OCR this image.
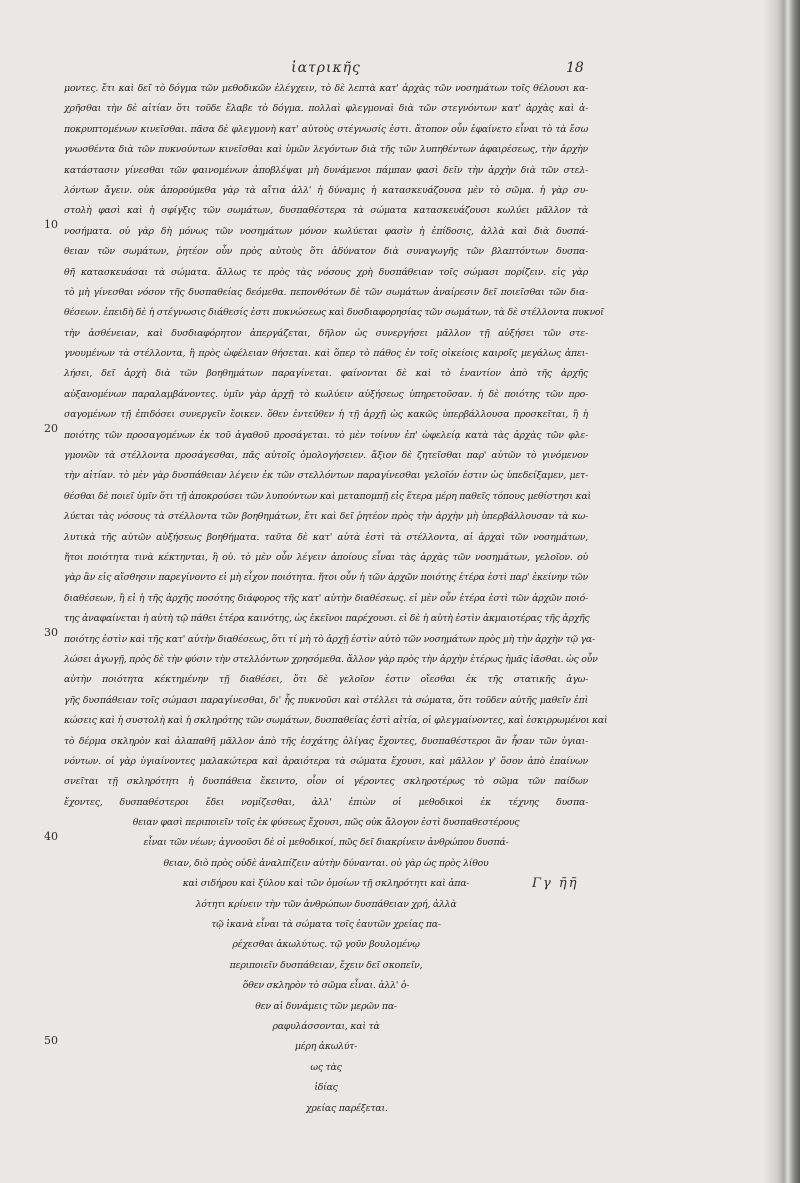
ἰατρικῆς	18
10
20
30
40
50
μοντες. ἔτι καὶ δεῖ τὸ δόγμα τῶν μεθοδικῶν ἐλέγχειν, τὸ δὲ λεπτὰ κατ' ἀρχὰς τῶν νοσημάτων τοῖς θέλουσι κα-
χρῆσθαι τὴν δὲ αἰτίαν ὅτι τοῦδε ἔλαβε τὸ δόγμα. πολλαὶ φλεγμοναὶ διὰ τῶν στεγνόντων κατ' ἀρχὰς καὶ ἀ-
ποκρυπτομένων κινεῖσθαι. πᾶσα δὲ φλεγμονὴ κατ' αὐτοὺς στέγνωσίς ἐστι. ἄτοπον οὖν ἐφαίνετο εἶναι τὸ τὰ ἔσω
γνωσθέντα διὰ τῶν πυκνούντων κινεῖσθαι καὶ ὑμῶν λεγόντων διὰ τῆς τῶν λυπηθέντων ἀφαιρέσεως, τὴν ἀρχὴν
κατάστασιν γίνεσθαι τῶν φαινομένων ἀποβλέψαι μὴ δυνάμενοι πάμπαν φασὶ δεῖν τὴν ἀρχὴν διὰ τῶν στελ-
λόντων ἄγειν. οὐκ ἀπορούμεθα γὰρ τὰ αἴτια ἀλλ' ἡ δύναμις ἡ κατασκευάζουσα μὲν τὸ σῶμα. ἡ γὰρ συ-
στολὴ φασὶ καὶ ἡ σφίγξις τῶν σωμάτων, δυσπαθέστερα τὰ σώματα κατασκευάζουσι κωλύει μᾶλλον τὰ
νοσήματα. οὐ γὰρ δὴ μόνως τῶν νοσημάτων μόνον κωλύεται φασὶν ἡ ἐπίδοσις, ἀλλὰ καὶ διὰ δυσπά-
θειαν τῶν σωμάτων, ῥητέον οὖν πρὸς αὐτοὺς ὅτι ἀδύνατον διὰ συναγωγῆς τῶν βλαπτόντων δυσπα-
θῆ κατασκευάσαι τὰ σώματα. ἄλλως τε πρὸς τὰς νόσους χρὴ δυσπάθειαν τοῖς σώμασι πορίζειν. εἰς γὰρ
τὸ μὴ γίνεσθαι νόσον τῆς δυσπαθείας δεόμεθα. πεπονθότων δὲ τῶν σωμάτων ἀναίρεσιν δεῖ ποιεῖσθαι τῶν δια-
θέσεων. ἐπειδὴ δὲ ἡ στέγνωσις διάθεσίς ἐστι πυκνώσεως καὶ δυσδιαφορησίας τῶν σωμάτων, τὰ δὲ στέλλοντα πυκνοῖ
τὴν ἀσθένειαν, καὶ δυσδιαφόρητον ἀπεργάζεται, δῆλον ὡς συνεργήσει μᾶλλον τῇ αὐξήσει τῶν στε-
γνουμένων τὰ στέλλοντα, ἢ πρὸς ὠφέλειαν θήσεται. καὶ ὅπερ τὸ πάθος ἐν τοῖς οἰκείοις καιροῖς μεγάλως ἀπει-
λήσει, δεῖ ἀρχὴ διὰ τῶν βοηθημάτων παραγίνεται. φαίνονται δὲ καὶ τὸ ἐναντίον ἀπὸ τῆς ἀρχῆς
αὐξανομένων παραλαμβάνοντες. ὑμῖν γὰρ ἀρχῇ τὸ κωλύειν αὐξήσεως ὑπηρετοῦσαν. ἡ δὲ ποιότης τῶν προ-
σαγομένων τῇ ἐπιδόσει συνεργεῖν ἔοικεν. ὅθεν ἐντεῦθεν ἡ τῇ ἀρχῇ ὡς κακῶς ὑπερβάλλουσα προσκεῖται, ἢ ἡ
ποιότης τῶν προσαγομένων ἐκ τοῦ ἀγαθοῦ προσάγεται. τὸ μὲν τοίνυν ἐπ' ὠφελείᾳ κατὰ τὰς ἀρχὰς τῶν φλε-
γμονῶν τὰ στέλλοντα προσάγεσθαι, πᾶς αὐτοῖς ὁμολογήσειεν. ἄξιον δὲ ζητεῖσθαι παρ' αὐτῶν τὸ γινόμενον
τὴν αἰτίαν. τὸ μὲν γὰρ δυσπάθειαν λέγειν ἐκ τῶν στελλόντων παραγίνεσθαι γελοῖόν ἐστιν ὡς ὑπεδείξαμεν, μετ-
θέσθαι δὲ ποιεῖ ὑμῖν ὅτι τῇ ἀποκρούσει τῶν λυπούντων καὶ μεταπομπῇ εἰς ἕτερα μέρη παθεῖς τόπους μεθίστησι καὶ
λύεται τὰς νόσους τὰ στέλλοντα τῶν βοηθημάτων, ἔτι καὶ δεῖ ῥητέον πρὸς τὴν ἀρχὴν μὴ ὑπερβάλλουσαν τὰ κω-
λυτικὰ τῆς αὐτῶν αὐξήσεως βοηθήματα. ταῦτα δὲ κατ' αὐτὰ ἐστὶ τὰ στέλλοντα, αἱ ἀρχαὶ τῶν νοσημάτων,
ἤτοι ποιότητα τινὰ κέκτηνται, ἢ οὐ. τὸ μὲν οὖν λέγειν ἀποίους εἶναι τὰς ἀρχὰς τῶν νοσημάτων, γελοῖον. οὐ
γὰρ ἂν εἰς αἴσθησιν παρεγίνοντο εἰ μὴ εἶχον ποιότητα. ἤτοι οὖν ἡ τῶν ἀρχῶν ποιότης ἑτέρα ἐστὶ παρ' ἐκείνην τῶν
διαθέσεων, ἢ εἰ ἡ τῆς ἀρχῆς ποσότης διάφορος τῆς κατ' αὐτὴν διαθέσεως. εἰ μὲν οὖν ἑτέρα ἐστὶ τῶν ἀρχῶν ποιό-
της ἀναφαίνεται ἡ αὐτὴ τῷ πάθει ἑτέρα καινότης, ὡς ἐκεῖνοι παρέχουσι. εἰ δὲ ἡ αὐτὴ ἐστὶν ἀκμαιοτέρας τῆς ἀρχῆς
ποιότης ἐστὶν καὶ τῆς κατ' αὐτὴν διαθέσεως, ὅτι τί μὴ τὸ ἀρχῇ ἐστὶν αὐτὸ τῶν νοσημάτων πρὸς μὴ τὴν ἀρχὴν τῷ γα-
λώσει ἀγωγῇ, πρὸς δὲ τὴν φύσιν τὴν στελλόντων χρησόμεθα. ἄλλον γὰρ πρὸς τὴν ἀρχὴν ἑτέρως ἡμᾶς ἰᾶσθαι. ὡς οὖν
αὐτὴν ποιότητα κέκτημένην τῇ διαθέσει, ὅτι δὲ γελοῖον ἐστιν οἴεσθαι ἐκ τῆς στατικῆς ἀγω-
γῆς δυσπάθειαν τοῖς σώμασι παραγίνεσθαι, δι' ἧς πυκνοῦσι καὶ στέλλει τὰ σώματα, ὅτι τοῦδεν αὐτῆς μαθεῖν ἐπὶ
κώσεις καὶ ἡ συστολὴ καὶ ἡ σκληρότης τῶν σωμάτων, δυσπαθείας ἐστὶ αἰτία, οἱ φλεγμαίνοντες, καὶ ἐσκιρρωμένοι καὶ
τὸ δέρμα σκληρὸν καὶ ἀλαπαθῆ μᾶλλον ἀπὸ τῆς ἐσχάτης ὀλίγας ἔχοντες, δυσπαθέστεροι ἂν ἦσαν τῶν ὑγιαι-
νόντων. οἱ γὰρ ὑγιαίνοντες μαλακώτερα καὶ ἀραιότερα τὰ σώματα ἔχουσι, καὶ μᾶλλον γ' ὅσον ἀπὸ ἐπαίνων
σνεῖται τῇ σκληρότητι ἡ δυσπάθεια ἔκειντο, οἷον οἱ γέροντες σκληροτέρως τὸ σῶμα τῶν παίδων
ἔχοντες, δυσπαθέστεροι ἔδει νομίζεσθαι, ἀλλ' ἐπιὼν οἱ μεθοδικοὶ ἐκ τέχνης δυσπα-
θειαν φασὶ περιποιεῖν τοῖς ἐκ φύσεως ἔχουσι, πῶς οὐκ ἄλογον ἐστὶ δυσπαθεστέρους
εἶναι τῶν νέων; ἀγνοοῦσι δὲ οἱ μεθοδικοί, πῶς δεῖ διακρίνειν ἀνθρώπου δυσπά-
θειαν, διὸ πρὸς οὐδὲ ἀναλπίζειν αὐτὴν δύνανται. οὐ γὰρ ὡς πρὸς λίθου
καὶ σιδήρου καὶ ξύλου καὶ τῶν ὁμοίων τῇ σκληρότητι καὶ ἀπα-
λότητι κρίνειν τὴν τῶν ἀνθρώπων δυσπάθειαν χρή, ἀλλὰ
τῷ ἱκανὰ εἶναι τὰ σώματα τοῖς ἑαυτῶν χρείας πα-
ρέχεσθαι ἀκωλύτως. τῷ γοῦν βουλομένῳ
περιποιεῖν δυσπάθειαν, ἔχειν δεῖ σκοπεῖν,
ὅθεν σκληρὸν τὸ σῶμα εἶναι. ἀλλ' ὁ-
θεν αἱ δυνάμεις τῶν μερῶν πα-
ραφυλάσσονται, καὶ τὰ
μέρη ἀκωλύτ-
ως τὰς
ἰδίας
χρείας παρέξεται.
Γγ ῆῆ
